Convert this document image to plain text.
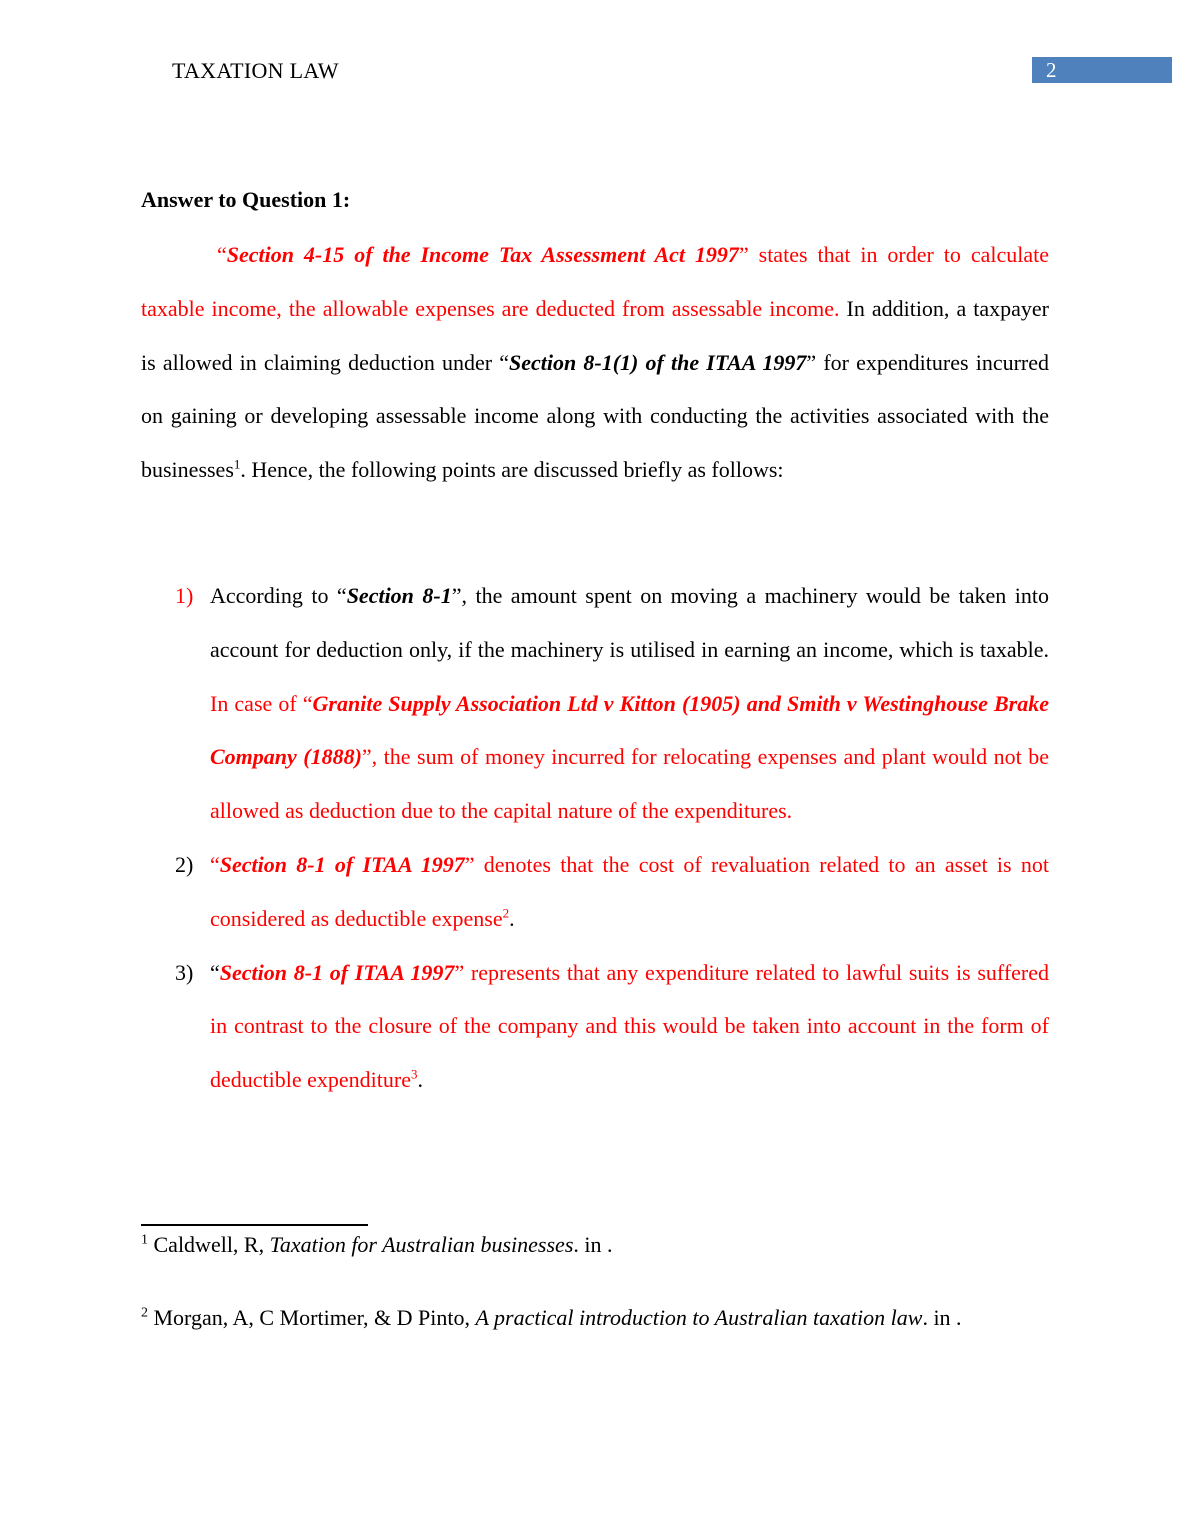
TAXATION LAW	2
Answer to Question 1:
“Section 4-15 of the Income Tax Assessment Act 1997” states that in order to calculate taxable income, the allowable expenses are deducted from assessable income. In addition, a taxpayer is allowed in claiming deduction under “Section 8-1(1) of the ITAA 1997” for expenditures incurred on gaining or developing assessable income along with conducting the activities associated with the businesses$^1$. Hence, the following points are discussed briefly as follows:
1) According to “Section 8-1”, the amount spent on moving a machinery would be taken into account for deduction only, if the machinery is utilised in earning an income, which is taxable. In case of “Granite Supply Association Ltd v Kitton (1905) and Smith v Westinghouse Brake Company (1888)”, the sum of money incurred for relocating expenses and plant would not be allowed as deduction due to the capital nature of the expenditures.
2) “Section 8-1 of ITAA 1997” denotes that the cost of revaluation related to an asset is not considered as deductible expense$^2$.
3) “Section 8-1 of ITAA 1997” represents that any expenditure related to lawful suits is suffered in contrast to the closure of the company and this would be taken into account in the form of deductible expenditure$^3$.
$^1$ Caldwell, R, Taxation for Australian businesses. in .
$^2$ Morgan, A, C Mortimer, & D Pinto, A practical introduction to Australian taxation law. in .
